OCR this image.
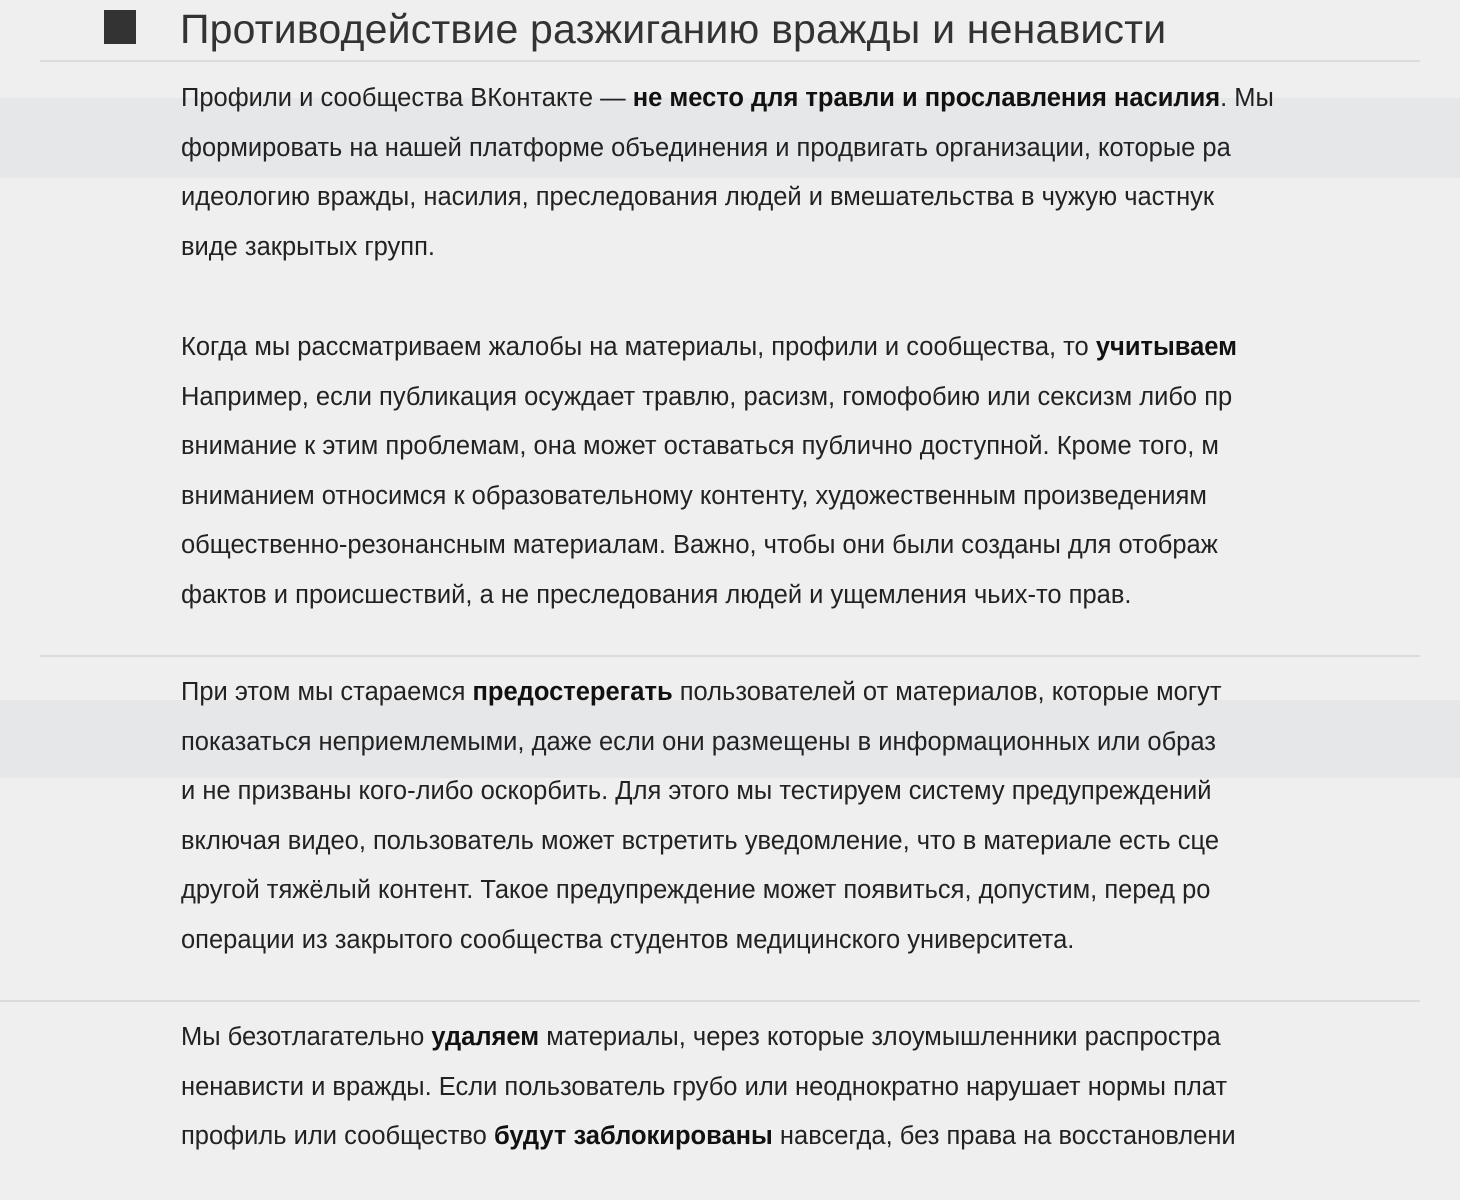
Противодействие разжиганию вражды и ненависти
Профили и сообщества ВКонтакте — не место для травли и прославления насилия. Мы
формировать на нашей платформе объединения и продвигать организации, которые ра
идеологию вражды, насилия, преследования людей и вмешательства в чужую частнук
виде закрытых групп.
Когда мы рассматриваем жалобы на материалы, профили и сообщества, то учитываем
Например, если публикация осуждает травлю, расизм, гомофобию или сексизм либо пр
внимание к этим проблемам, она может оставаться публично доступной. Кроме того, м
вниманием относимся к образовательному контенту, художественным произведениям
общественно-резонансным материалам. Важно, чтобы они были созданы для отображ
фактов и происшествий, а не преследования людей и ущемления чьих-то прав.
При этом мы стараемся предостерегать пользователей от материалов, которые могут
показаться неприемлемыми, даже если они размещены в информационных или образ
и не призваны кого-либо оскорбить. Для этого мы тестируем систему предупреждений
включая видео, пользователь может встретить уведомление, что в материале есть сце
другой тяжёлый контент. Такое предупреждение может появиться, допустим, перед ро
операции из закрытого сообщества студентов медицинского университета.
Мы безотлагательно удаляем материалы, через которые злоумышленники распростра
ненависти и вражды. Если пользователь грубо или неоднократно нарушает нормы плат
профиль или сообщество будут заблокированы навсегда, без права на восстановлени
